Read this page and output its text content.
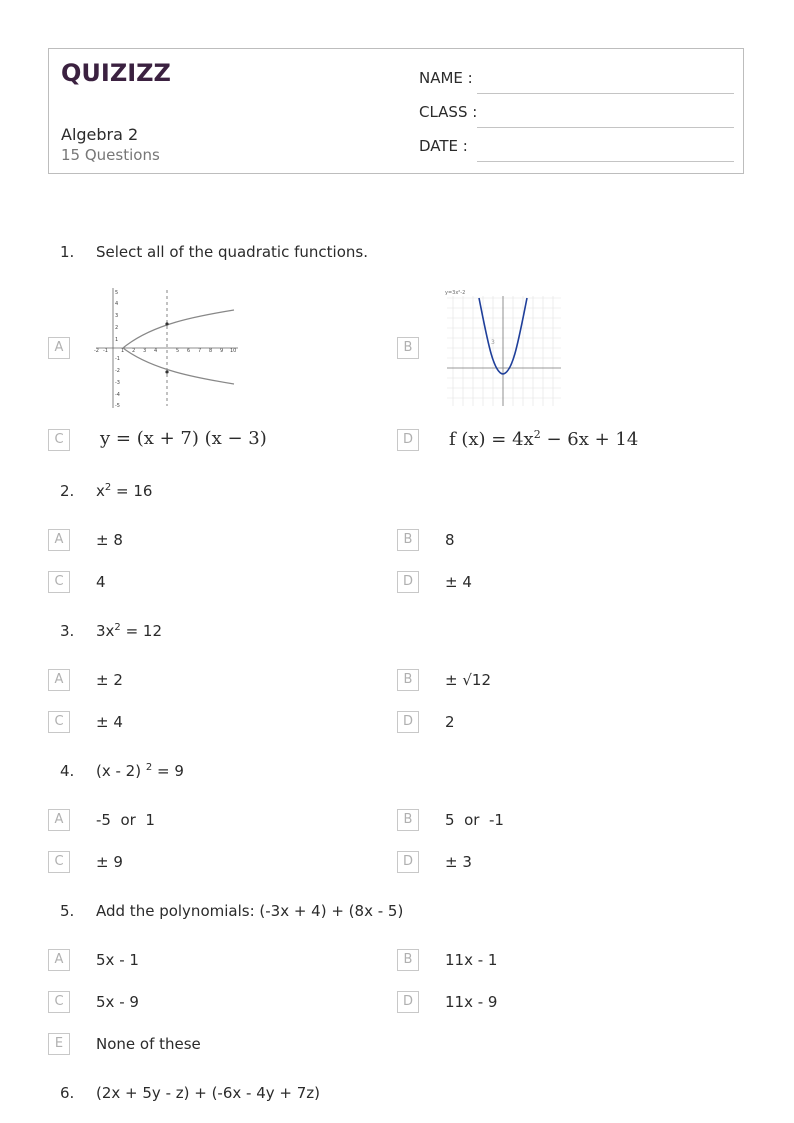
QUIZIZZ
Algebra 2
15 Questions
NAME :
CLASS :
DATE :
1. Select all of the quadratic functions.
A	-2 -1	1 2 3 4	5 6 7 8 9 10
5
4
3
2
1
-1
-2
-3
-4
-5
B
y=3x²-2
3
C	y = (x + 7) (x − 3)	D	f $(x) = 4x^2 - 6x + 14$
2. $x^2 = 16$
A	± 8	B	8
C	4	D	± 4
3. $3x^2 = 12$
A	± 2	B	± √12
C	± 4	D	2
4. (x - 2) $^2$ = 9
A	-5  or  1	B	5  or  -1
C	± 9	D	± 3
5. Add the polynomials: (-3x + 4) + (8x - 5)
A	5x - 1	B	11x - 1
C	5x - 9	D	11x - 9
E	None of these
6. (2x + 5y - z) + (-6x - 4y + 7z)
